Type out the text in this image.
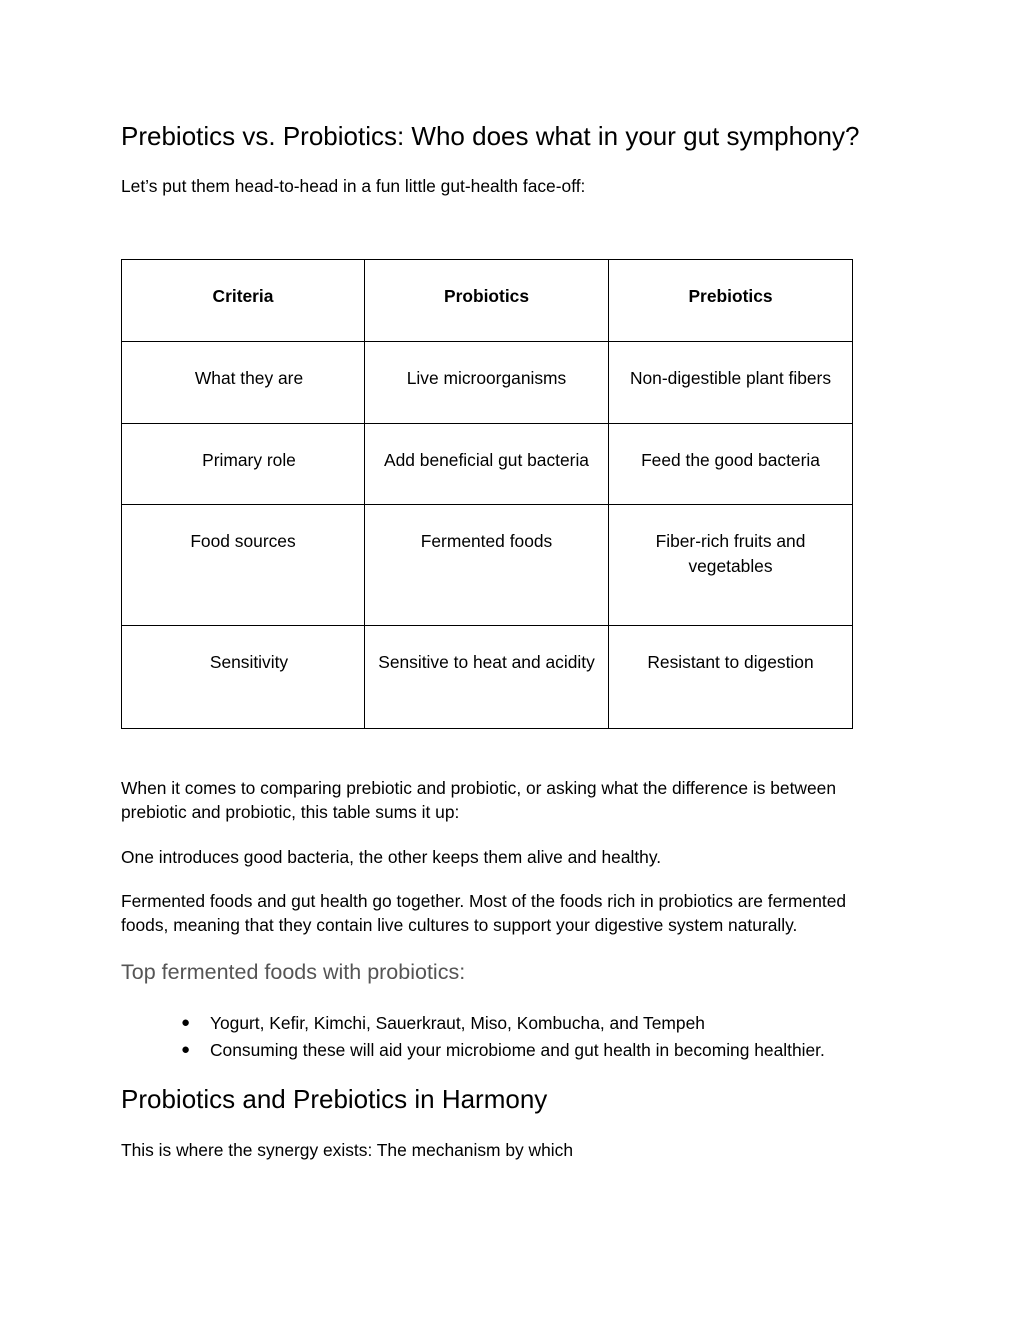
Prebiotics vs. Probiotics: Who does what in your gut symphony?

Let’s put them head-to-head in a fun little gut-health face-off:

Criteria	Probiotics	Prebiotics
What they are	Live microorganisms	Non-digestible plant fibers
Primary role	Add beneficial gut bacteria	Feed the good bacteria
Food sources	Fermented foods	Fiber-rich fruits and vegetables
Sensitivity	Sensitive to heat and acidity	Resistant to digestion

When it comes to comparing prebiotic and probiotic, or asking what the difference is between prebiotic and probiotic, this table sums it up:

One introduces good bacteria, the other keeps them alive and healthy.

Fermented foods and gut health go together. Most of the foods rich in probiotics are fermented foods, meaning that they contain live cultures to support your digestive system naturally.

Top fermented foods with probiotics:
● Yogurt, Kefir, Kimchi, Sauerkraut, Miso, Kombucha, and Tempeh
● Consuming these will aid your microbiome and gut health in becoming healthier.
Probiotics and Prebiotics in Harmony

This is where the synergy exists: The mechanism by which
